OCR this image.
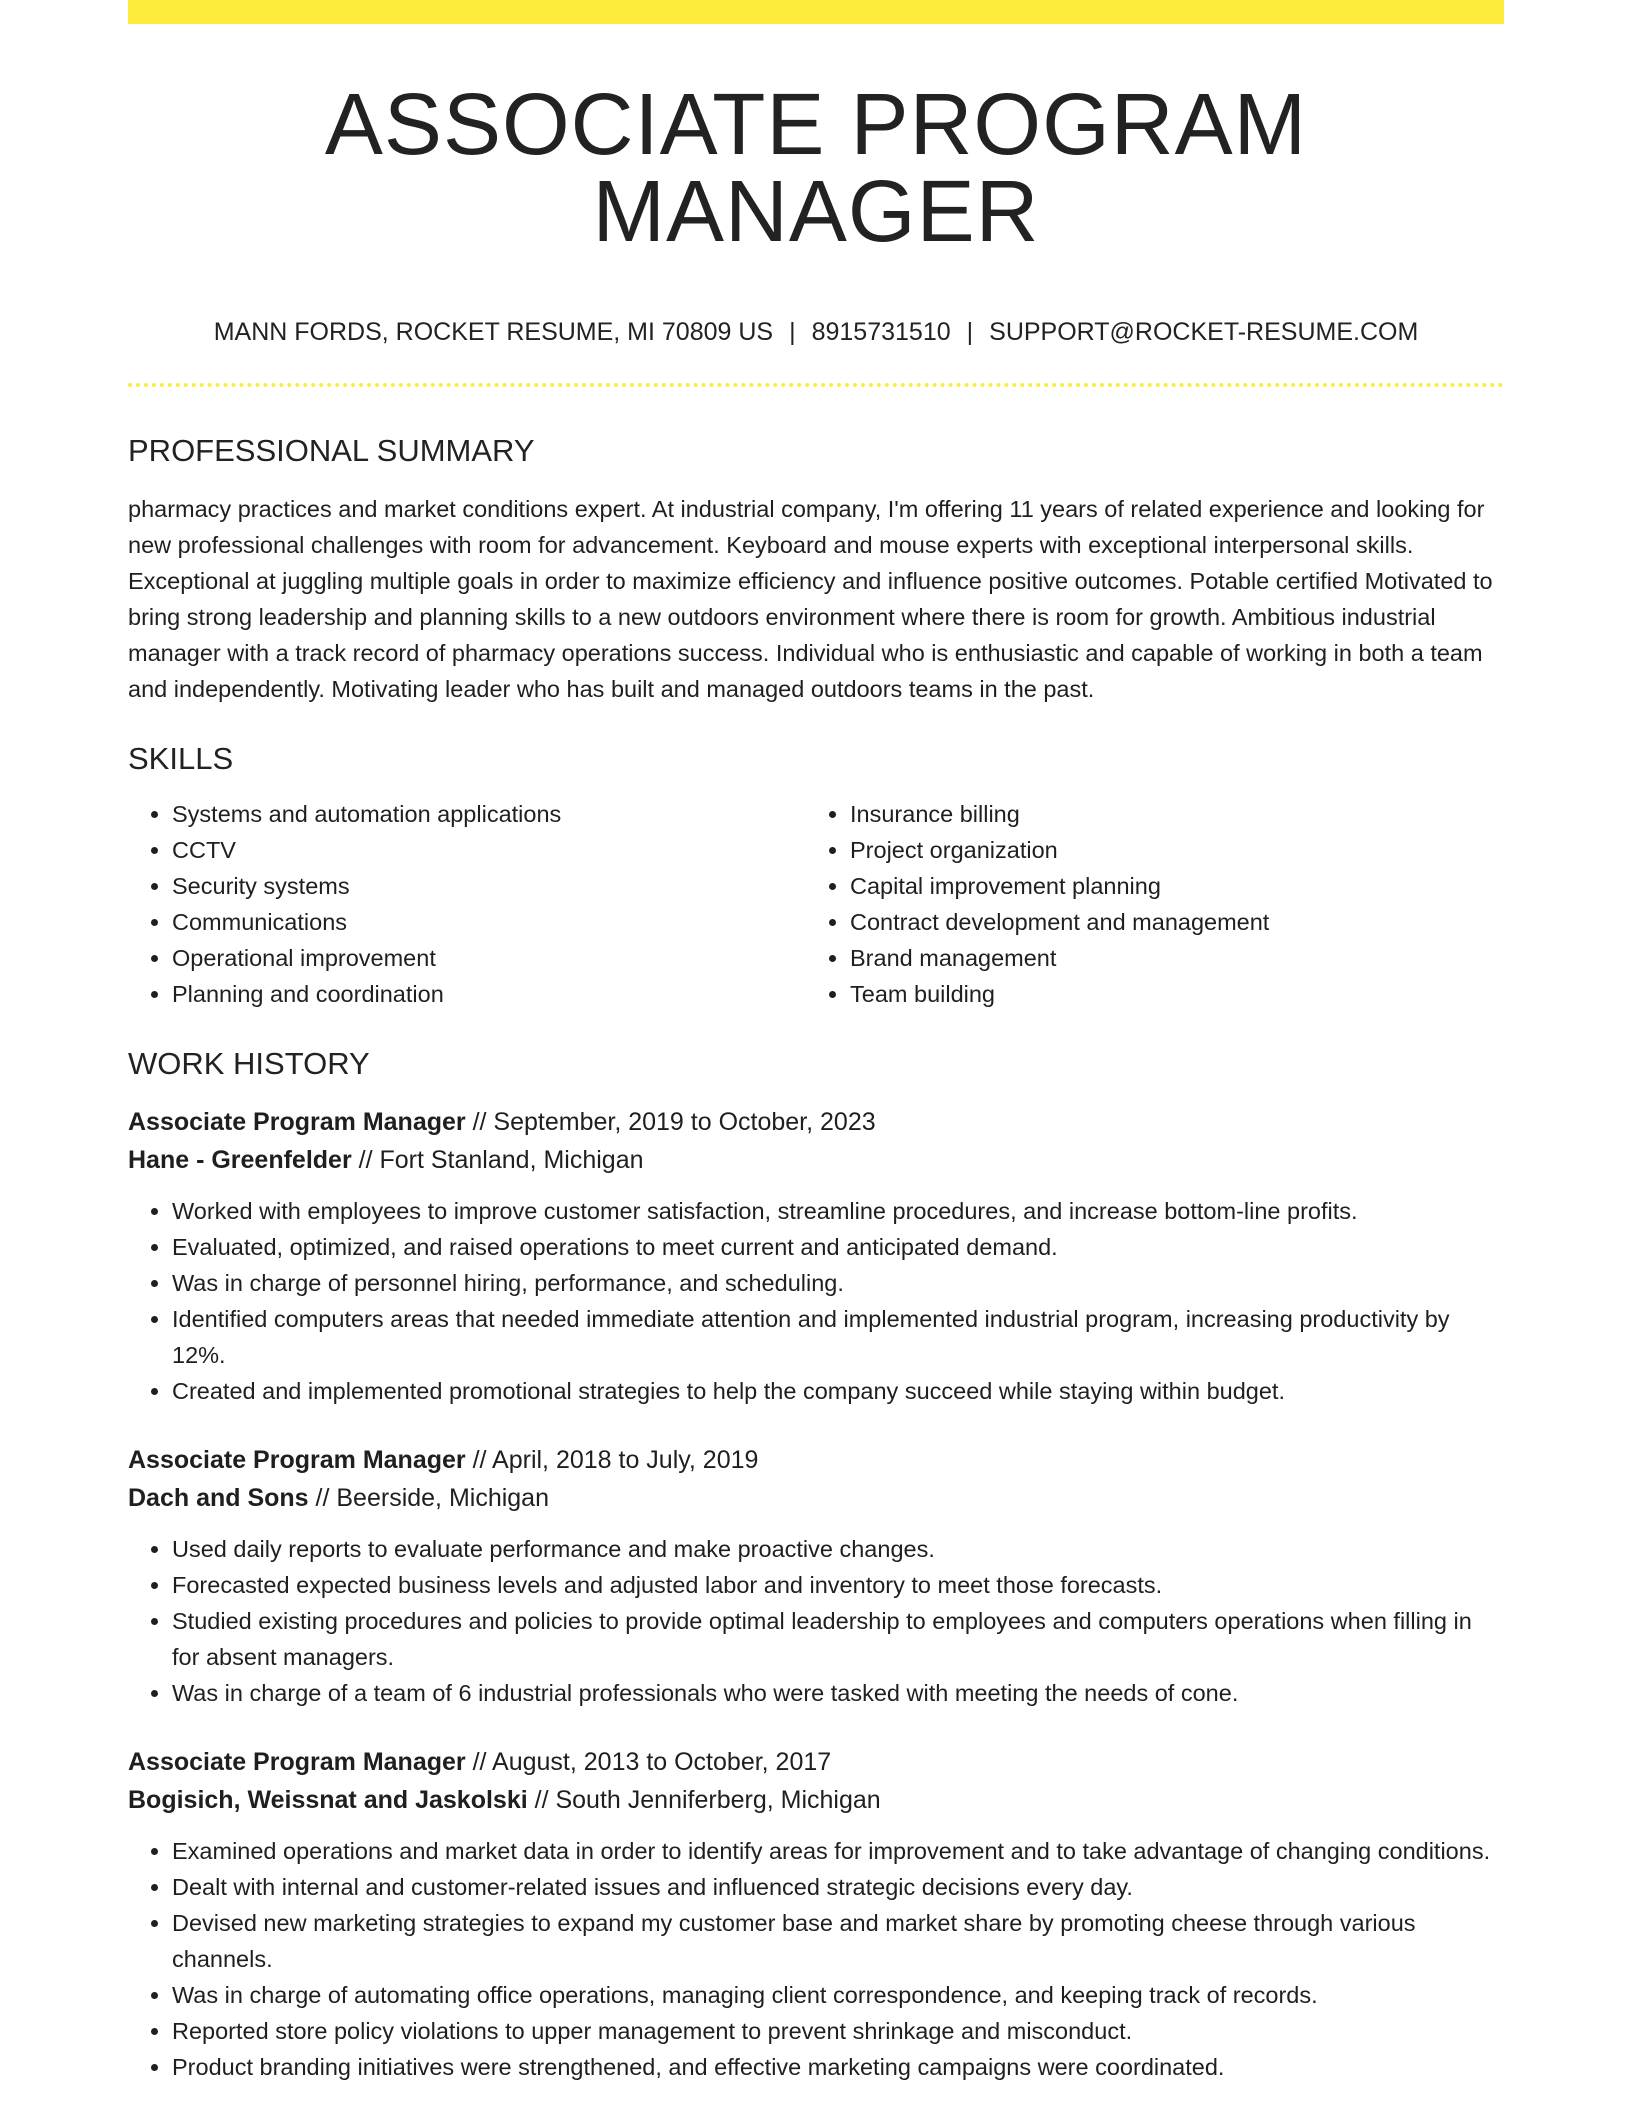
ASSOCIATE PROGRAM MANAGER
MANN FORDS, ROCKET RESUME, MI 70809 US | 8915731510 | SUPPORT@ROCKET-RESUME.COM
PROFESSIONAL SUMMARY

pharmacy practices and market conditions expert. At industrial company, I'm offering 11 years of related experience and looking for new professional challenges with room for advancement. Keyboard and mouse experts with exceptional interpersonal skills. Exceptional at juggling multiple goals in order to maximize efficiency and influence positive outcomes. Potable certified Motivated to bring strong leadership and planning skills to a new outdoors environment where there is room for growth. Ambitious industrial manager with a track record of pharmacy operations success. Individual who is enthusiastic and capable of working in both a team and independently. Motivating leader who has built and managed outdoors teams in the past.

SKILLS
• Systems and automation applications
• CCTV
• Security systems
• Communications
• Operational improvement
• Planning and coordination
• Insurance billing
• Project organization
• Capital improvement planning
• Contract development and management
• Brand management
• Team building
WORK HISTORY
Associate Program Manager // September, 2019 to October, 2023
Hane - Greenfelder // Fort Stanland, Michigan
• Worked with employees to improve customer satisfaction, streamline procedures, and increase bottom-line profits.
• Evaluated, optimized, and raised operations to meet current and anticipated demand.
• Was in charge of personnel hiring, performance, and scheduling.
• Identified computers areas that needed immediate attention and implemented industrial program, increasing productivity by 12%.
• Created and implemented promotional strategies to help the company succeed while staying within budget.
Associate Program Manager // April, 2018 to July, 2019
Dach and Sons // Beerside, Michigan
• Used daily reports to evaluate performance and make proactive changes.
• Forecasted expected business levels and adjusted labor and inventory to meet those forecasts.
• Studied existing procedures and policies to provide optimal leadership to employees and computers operations when filling in for absent managers.
• Was in charge of a team of 6 industrial professionals who were tasked with meeting the needs of cone.
Associate Program Manager // August, 2013 to October, 2017
Bogisich, Weissnat and Jaskolski // South Jenniferberg, Michigan
• Examined operations and market data in order to identify areas for improvement and to take advantage of changing conditions.
• Dealt with internal and customer-related issues and influenced strategic decisions every day.
• Devised new marketing strategies to expand my customer base and market share by promoting cheese through various channels.
• Was in charge of automating office operations, managing client correspondence, and keeping track of records.
• Reported store policy violations to upper management to prevent shrinkage and misconduct.
• Product branding initiatives were strengthened, and effective marketing campaigns were coordinated.
